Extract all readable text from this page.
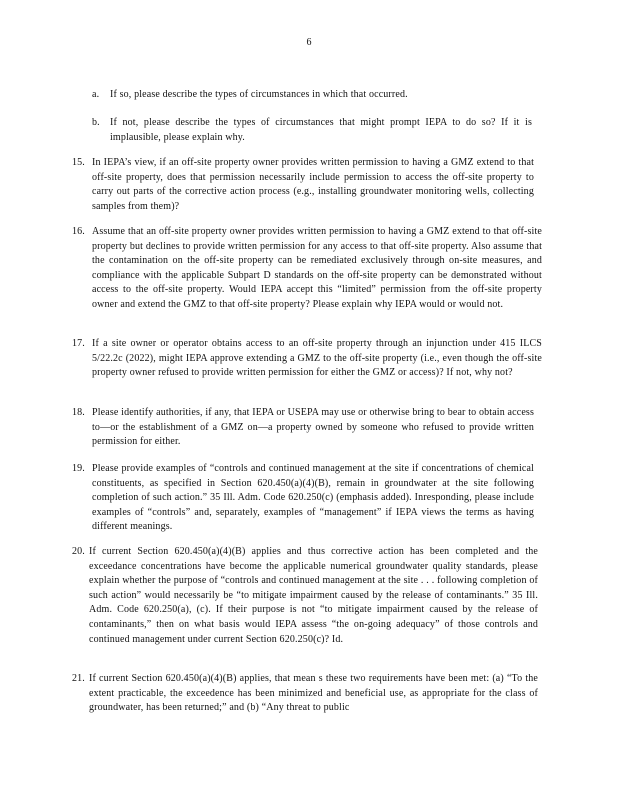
6
a.	If so, please describe the types of circumstances in which that occurred.
b.	If not, please describe the types of circumstances that might prompt IEPA to do so? If it is implausible, please explain why.
15. In IEPA’s view, if an off-site property owner provides written permission to having a GMZ extend to that off-site property, does that permission necessarily include permission to access the off-site property to carry out parts of the corrective action process (e.g., installing groundwater monitoring wells, collecting samples from them)?
16. Assume that an off-site property owner provides written permission to having a GMZ extend to that off-site property but declines to provide written permission for any access to that off-site property. Also assume that the contamination on the off-site property can be remediated exclusively through on-site measures, and compliance with the applicable Subpart D standards on the off-site property can be demonstrated without access to the off-site property. Would IEPA accept this “limited” permission from the off-site property owner and extend the GMZ to that off-site property? Please explain why IEPA would or would not.
17. If a site owner or operator obtains access to an off-site property through an injunction under 415 ILCS 5/22.2c (2022), might IEPA approve extending a GMZ to the off-site property (i.e., even though the off-site property owner refused to provide written permission for either the GMZ or access)? If not, why not?
18. Please identify authorities, if any, that IEPA or USEPA may use or otherwise bring to bear to obtain access to—or the establishment of a GMZ on—a property owned by someone who refused to provide written permission for either.
19. Please provide examples of “controls and continued management at the site if concentrations of chemical constituents, as specified in Section 620.450(a)(4)(B), remain in groundwater at the site following completion of such action.” 35 Ill. Adm. Code 620.250(c) (emphasis added). Inresponding, please include examples of “controls” and, separately, examples of “management” if IEPA views the terms as having different meanings.
20. If current Section 620.450(a)(4)(B) applies and thus corrective action has been completed and the exceedance concentrations have become the applicable numerical groundwater quality standards, please explain whether the purpose of “controls and continued management at the site . . . following completion of such action” would necessarily be “to mitigate impairment caused by the release of contaminants.” 35 Ill. Adm. Code 620.250(a), (c). If their purpose is not “to mitigate impairment caused by the release of contaminants,” then on what basis would IEPA assess “the on-going adequacy” of those controls and continued management under current Section 620.250(c)? Id.
21. If current Section 620.450(a)(4)(B) applies, that mean s these two requirements have been met: (a) “To the extent practicable, the exceedence has been minimized and beneficial use, as appropriate for the class of groundwater, has been returned;” and (b) “Any threat to public
